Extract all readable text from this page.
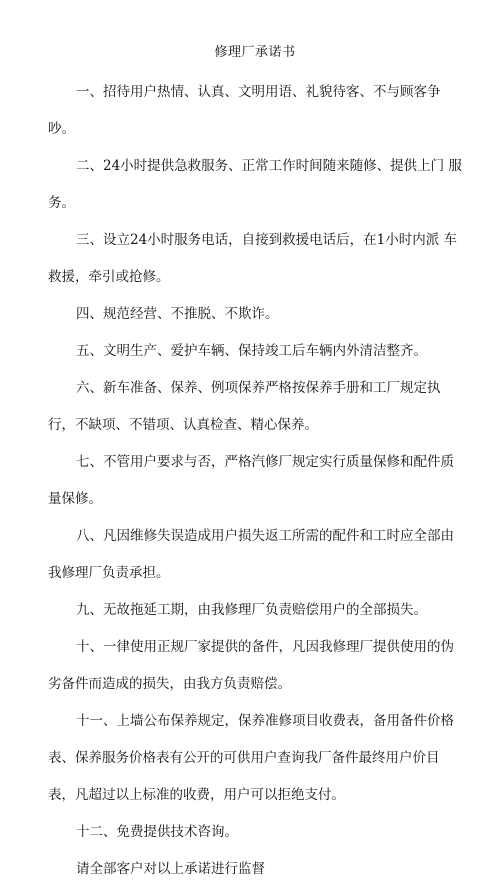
修理厂承诺书

一、招待用户热情、认真、文明用语、礼貌待客、不与顾客争吵。

二、24小时提供急救服务、正常工作时间随来随修、提供上门 服务。

三、设立24小时服务电话，自接到救援电话后，在1小时内派 车救援，牵引或抢修。

四、规范经营、不推脱、不欺诈。

五、文明生产、爱护车辆、保持竣工后车辆内外清洁整齐。

六、新车准备、保养、例项保养严格按保养手册和工厂规定执行，不缺项、不错项、认真检查、精心保养。

七、不管用户要求与否，严格汽修厂规定实行质量保修和配件质 量保修。

八、凡因维修失误造成用户损失返工所需的配件和工时应全部由 我修理厂负责承担。

九、无故拖延工期，由我修理厂负责赔偿用户的全部损失。

十、一律使用正规厂家提供的备件，凡因我修理厂提供使用的伪 劣备件而造成的损失，由我方负责赔偿。

十一、上墙公布保养规定，保养准修项目收费表，备用备件价格 表、保养服务价格表有公开的可供用户查询我厂备件最终用户价目表，凡超过以上标准的收费，用户可以拒绝支付。

十二、免费提供技术咨询。

请全部客户对以上承诺进行监督
